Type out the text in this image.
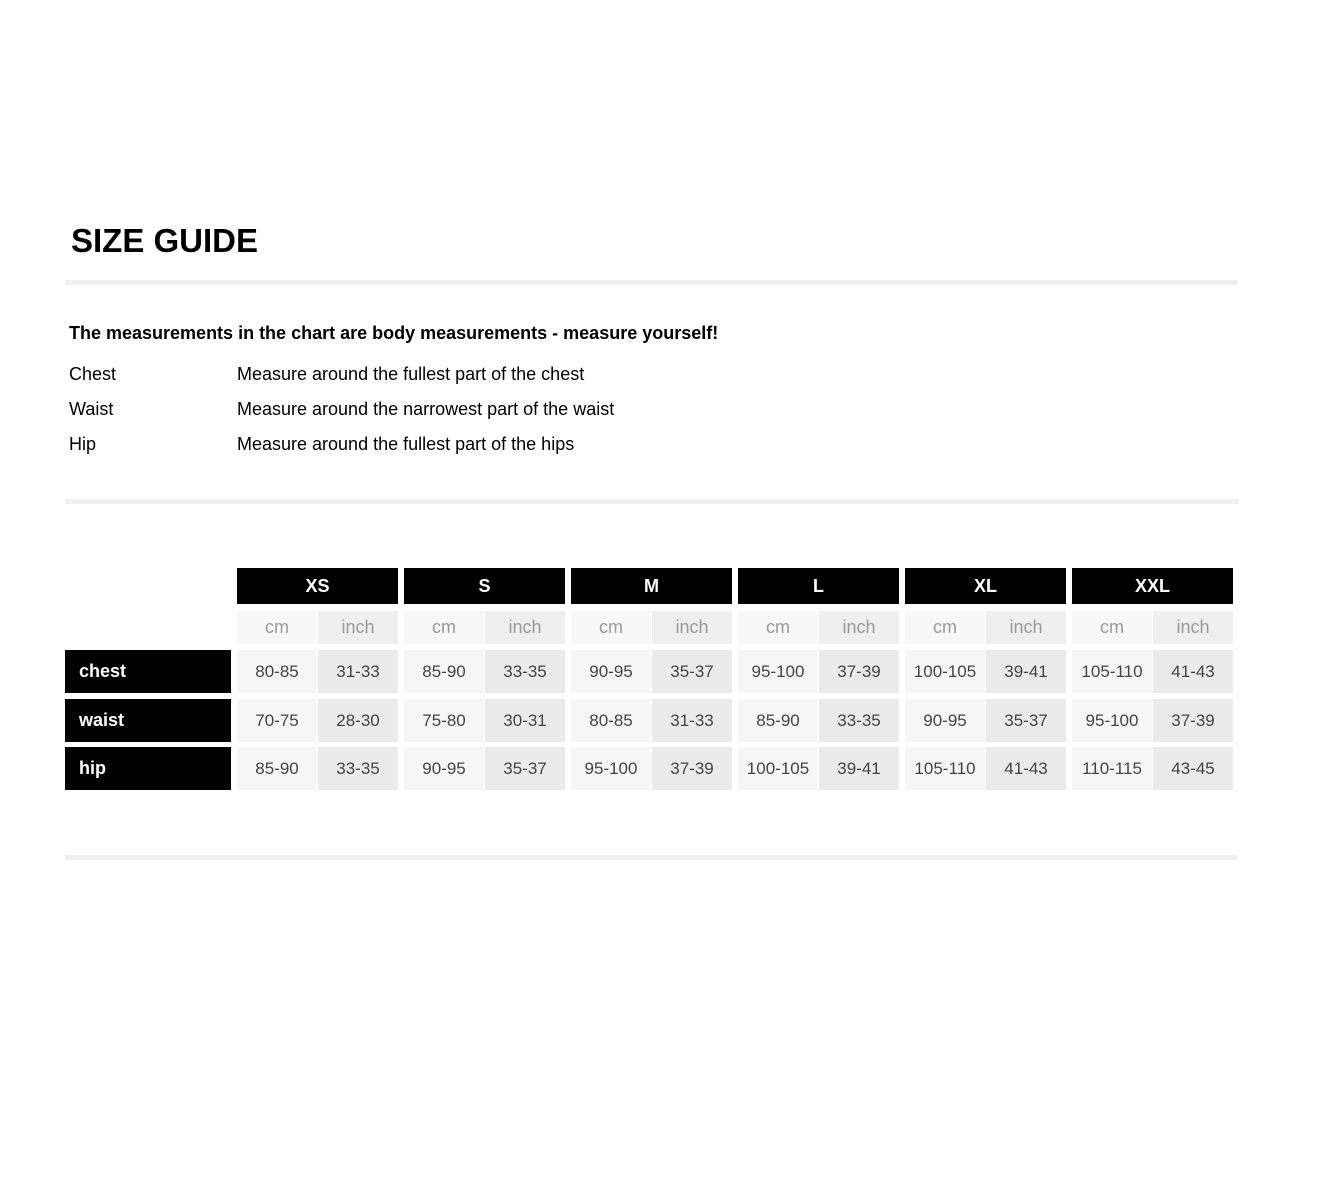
SIZE GUIDE
The measurements in the chart are body measurements - measure yourself!
Chest	Measure around the fullest part of the chest
Waist	Measure around the narrowest part of the waist
Hip	Measure around the fullest part of the hips
XS	S	M	L	XL	XXL
cm	inch	cm	inch	cm	inch	cm	inch	cm	inch	cm	inch
chest	80-85	31-33	85-90	33-35	90-95	35-37	95-100	37-39	100-105	39-41	105-110	41-43
waist	70-75	28-30	75-80	30-31	80-85	31-33	85-90	33-35	90-95	35-37	95-100	37-39
hip	85-90	33-35	90-95	35-37	95-100	37-39	100-105	39-41	105-110	41-43	110-115	43-45
